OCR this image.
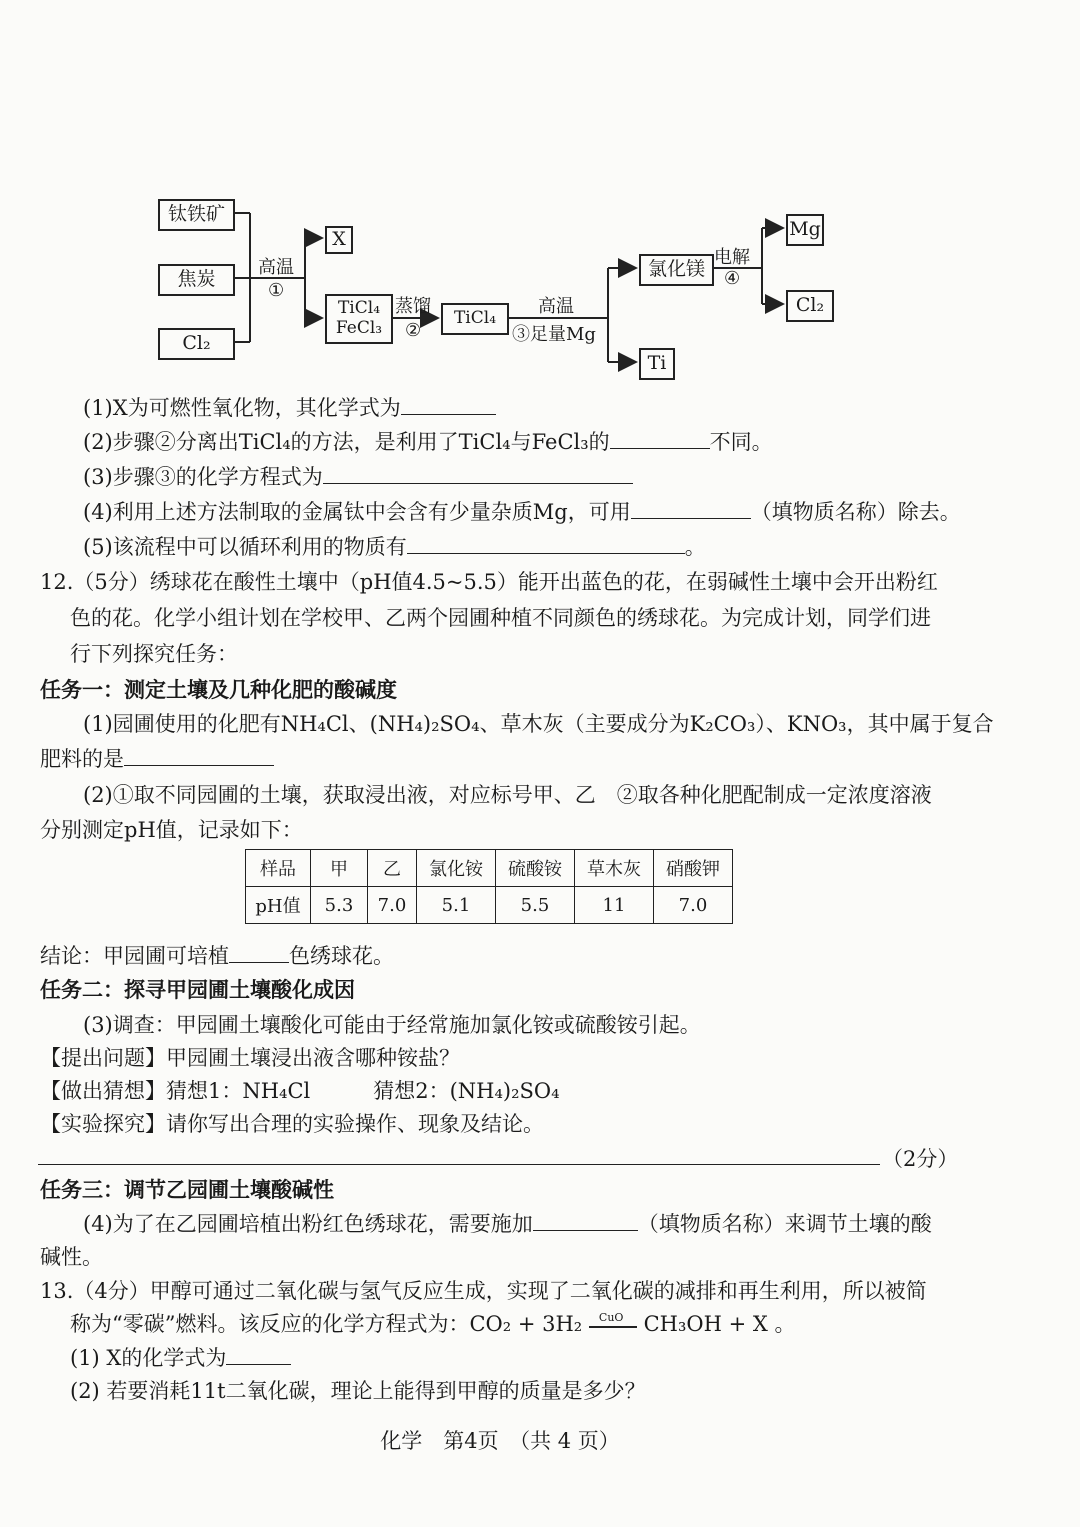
钛铁矿
焦炭
Cl₂
高温
①
X
TiCl₄
FeCl₃
蒸馏
②
TiCl₄
高温
③足量Mg
氯化镁
Ti
电解
④
Mg
Cl₂
(1)X为可燃性氧化物，其化学式为
(2)步骤②分离出TiCl₄的方法，是利用了TiCl₄与FeCl₃的	不同。
(3)步骤③的化学方程式为
(4)利用上述方法制取的金属钛中会含有少量杂质Mg，可用	（填物质名称）除去。
(5)该流程中可以循环利用的物质有	。
12.（5分）绣球花在酸性土壤中（pH值4.5~5.5）能开出蓝色的花，在弱碱性土壤中会开出粉红
色的花。化学小组计划在学校甲、乙两个园圃种植不同颜色的绣球花。为完成计划，同学们进
行下列探究任务：
任务一：测定土壤及几种化肥的酸碱度
(1)园圃使用的化肥有NH₄Cl、(NH₄)₂SO₄、草木灰（主要成分为K₂CO₃）、KNO₃，其中属于复合
肥料的是
(2)①取不同园圃的土壤，获取浸出液，对应标号甲、乙　②取各种化肥配制成一定浓度溶液
分别测定pH值，记录如下：
样品	甲	乙	氯化铵	硫酸铵	草木灰	硝酸钾
pH值	5.3	7.0	5.1	5.5	11	7.0
结论：甲园圃可培植	色绣球花。
任务二：探寻甲园圃土壤酸化成因
(3)调查：甲园圃土壤酸化可能由于经常施加氯化铵或硫酸铵引起。
【提出问题】甲园圃土壤浸出液含哪种铵盐？
【做出猜想】猜想1：NH₄Cl　　　猜想2：(NH₄)₂SO₄
【实验探究】请你写出合理的实验操作、现象及结论。
（2分）
任务三：调节乙园圃土壤酸碱性
(4)为了在乙园圃培植出粉红色绣球花，需要施加	（填物质名称）来调节土壤的酸
碱性。
13.（4分）甲醇可通过二氧化碳与氢气反应生成，实现了二氧化碳的减排和再生利用，所以被简
称为“零碳”燃料。该反应的化学方程式为：CO₂ + 3H₂ CuO CH₃OH + X 。
(1) X的化学式为
(2) 若要消耗11t二氧化碳，理论上能得到甲醇的质量是多少？
化学　第4页　（共 4 页）
